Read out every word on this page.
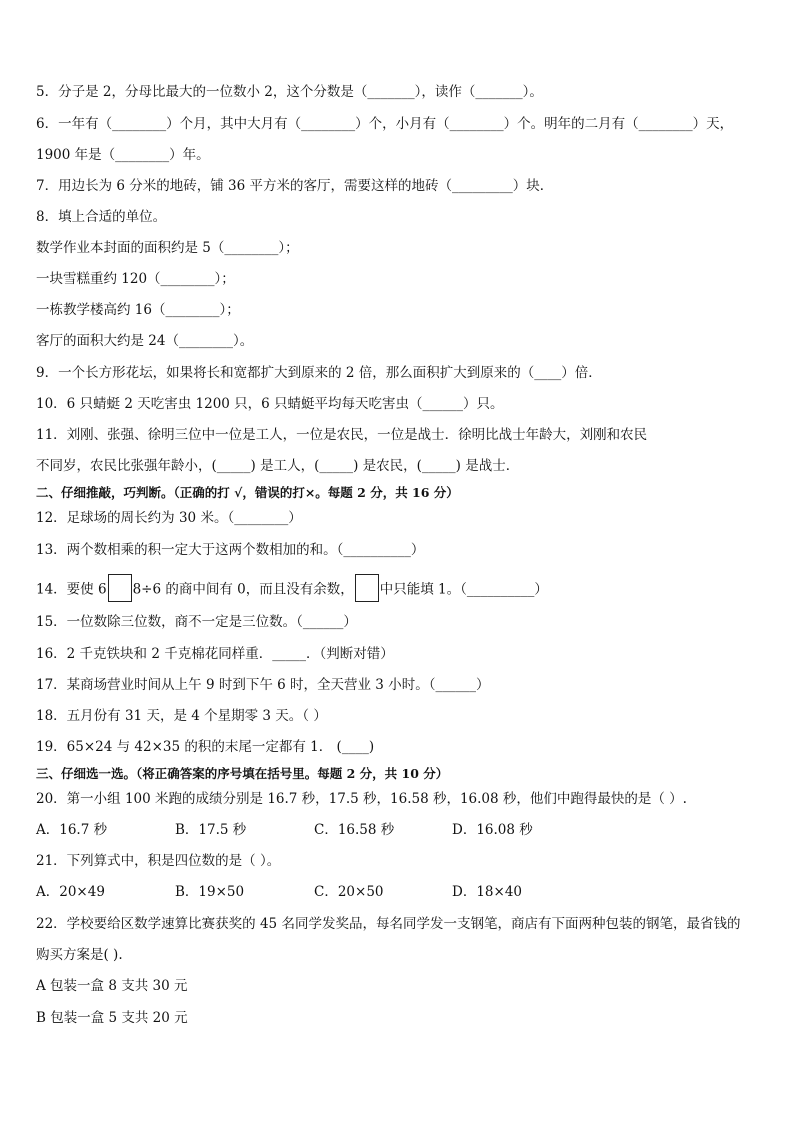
5．分子是 2，分母比最大的一位数小 2，这个分数是（_______），读作（_______）。
6．一年有（________）个月，其中大月有（________）个，小月有（________）个。明年的二月有（________）天，
1900 年是（________）年。
7．用边长为 6 分米的地砖，铺 36 平方米的客厅，需要这样的地砖（_________）块．
8．填上合适的单位。
数学作业本封面的面积约是 5（________）；
一块雪糕重约 120（________）；
一栋教学楼高约 16（________）；
客厅的面积大约是 24（________）。
9．一个长方形花坛，如果将长和宽都扩大到原来的 2 倍，那么面积扩大到原来的（____）倍．
10．6 只蜻蜓 2 天吃害虫 1200 只，6 只蜻蜓平均每天吃害虫（______）只。
11．刘刚、张强、徐明三位中一位是工人，一位是农民，一位是战士．徐明比战士年龄大，刘刚和农民
不同岁，农民比张强年龄小，(_____) 是工人，(_____) 是农民，(_____) 是战士．
二、仔细推敲，巧判断。（正确的打 √，错误的打×。每题 2 分，共 16 分）
12．足球场的周长约为 30 米。（________）
13．两个数相乘的积一定大于这两个数相加的和。（__________）
14．要使 6 8÷6 的商中间有 0，而且没有余数， 中只能填 1。（__________）
15．一位数除三位数，商不一定是三位数。（______）
16．2 千克铁块和 2 千克棉花同样重．_____．（判断对错）
17．某商场营业时间从上午 9 时到下午 6 时，全天营业 3 小时。（______）
18．五月份有 31 天，是 4 个星期零 3 天。（ ）
19．65×24 与 42×35 的积的末尾一定都有 1． (____)
三、仔细选一选。（将正确答案的序号填在括号里。每题 2 分，共 10 分）
20．第一小组 100 米跑的成绩分别是 16.7 秒，17.5 秒，16.58 秒，16.08 秒，他们中跑得最快的是（ ）.
A．16.7 秒	B．17.5 秒	C．16.58 秒	D．16.08 秒
21．下列算式中，积是四位数的是（ ）。
A．20×49	B．19×50	C．20×50	D．18×40
22．学校要给区数学速算比赛获奖的 45 名同学发奖品，每名同学发一支钢笔，商店有下面两种包装的钢笔，最省钱的
购买方案是( ).
A 包装一盒 8 支共 30 元
B 包装一盒 5 支共 20 元
